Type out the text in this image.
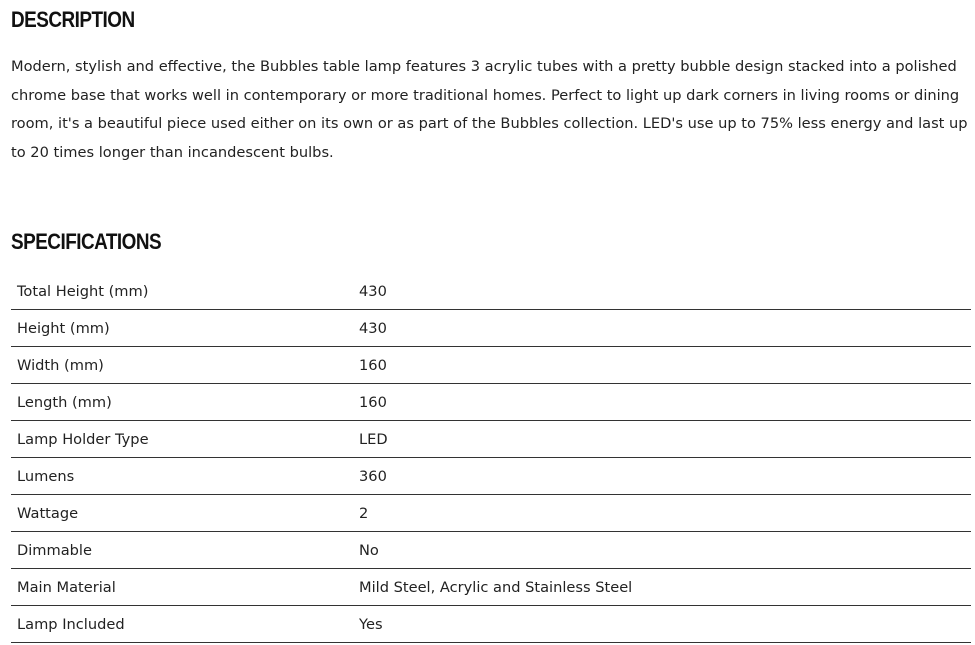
DESCRIPTION

Modern, stylish and effective, the Bubbles table lamp features 3 acrylic tubes with a pretty bubble design stacked into a polished chrome base that works well in contemporary or more traditional homes. Perfect to light up dark corners in living rooms or dining room, it's a beautiful piece used either on its own or as part of the Bubbles collection. LED's use up to 75% less energy and last up to 20 times longer than incandescent bulbs.

SPECIFICATIONS
Total Height (mm)	430
Height (mm)	430
Width (mm)	160
Length (mm)	160
Lamp Holder Type	LED
Lumens	360
Wattage	2
Dimmable	No
Main Material	Mild Steel, Acrylic and Stainless Steel
Lamp Included	Yes
